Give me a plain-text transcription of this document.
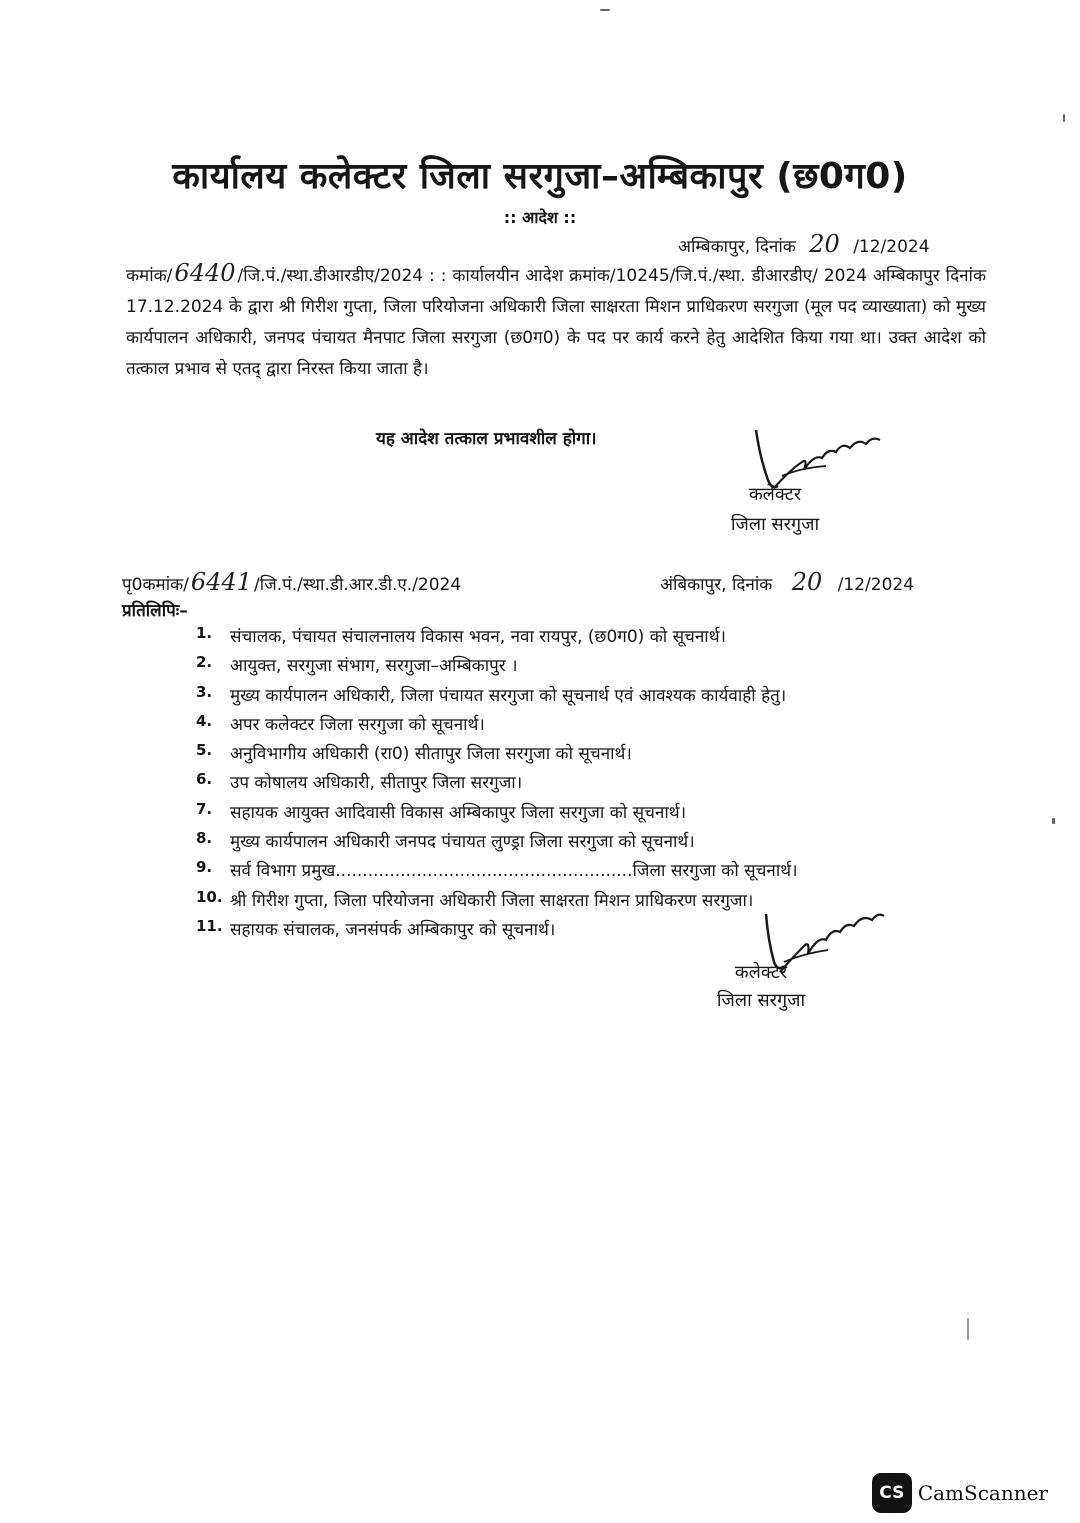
कार्यालय कलेक्टर जिला सरगुजा–अम्बिकापुर (छ0ग0)
:: आदेश ::
अम्बिकापुर, दिनांक 20 /12/2024
कमांक/6440 /जि.पं./स्था.डीआरडीए/2024 : : कार्यालयीन आदेश क्रमांक/10245/जि.पं./स्था. डीआरडीए/ 2024 अम्बिकापुर दिनांक 17.12.2024 के द्वारा श्री गिरीश गुप्ता, जिला परियोजना अधिकारी जिला साक्षरता मिशन प्राधिकरण सरगुजा (मूल पद व्याख्याता) को मुख्य कार्यपालन अधिकारी, जनपद पंचायत मैनपाट जिला सरगुजा (छ0ग0) के पद पर कार्य करने हेतु आदेशित किया गया था। उक्त आदेश को तत्काल प्रभाव से एतद् द्वारा निरस्त किया जाता है।
यह आदेश तत्काल प्रभावशील होगा।
कलेक्टर
जिला सरगुजा
पृ0कमांक/6441 /जि.पं./स्था.डी.आर.डी.ए./2024	अंबिकापुर, दिनांक 20 /12/2024
प्रतिलिपिः–
1.	संचालक, पंचायत संचालनालय विकास भवन, नवा रायपुर, (छ0ग0) को सूचनार्थ।
2.	आयुक्त, सरगुजा संभाग, सरगुजा–अम्बिकापुर ।
3.	मुख्य कार्यपालन अधिकारी, जिला पंचायत सरगुजा को सूचनार्थ एवं आवश्यक कार्यवाही हेतु।
4.	अपर कलेक्टर जिला सरगुजा को सूचनार्थ।
5.	अनुविभागीय अधिकारी (रा0) सीतापुर जिला सरगुजा को सूचनार्थ।
6.	उप कोषालय अधिकारी, सीतापुर जिला सरगुजा।
7.	सहायक आयुक्त आदिवासी विकास अम्बिकापुर जिला सरगुजा को सूचनार्थ।
8.	मुख्य कार्यपालन अधिकारी जनपद पंचायत लुण्ड्रा जिला सरगुजा को सूचनार्थ।
9.	सर्व विभाग प्रमुख.......................................................जिला सरगुजा को सूचनार्थ।
10. श्री गिरीश गुप्ता, जिला परियोजना अधिकारी जिला साक्षरता मिशन प्राधिकरण सरगुजा।
11. सहायक संचालक, जनसंपर्क अम्बिकापुर को सूचनार्थ।
कलेक्टर
जिला सरगुजा
CS CamScanner
